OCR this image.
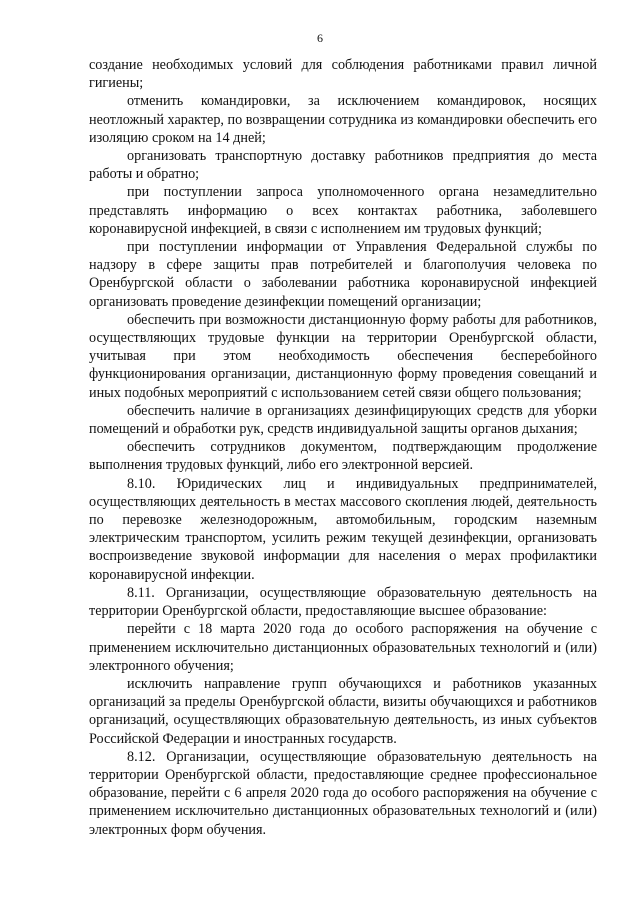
6

создание необходимых условий для соблюдения работниками правил личной гигиены;

отменить командировки, за исключением командировок, носящих неотложный характер, по возвращении сотрудника из командировки обеспечить его изоляцию сроком на 14 дней;

организовать транспортную доставку работников предприятия до места работы и обратно;

при поступлении запроса уполномоченного органа незамедлительно представлять информацию о всех контактах работника, заболевшего коронавирусной инфекцией, в связи с исполнением им трудовых функций;

при поступлении информации от Управления Федеральной службы по надзору в сфере защиты прав потребителей и благополучия человека по Оренбургской области о заболевании работника коронавирусной инфекцией организовать проведение дезинфекции помещений организации;

обеспечить при возможности дистанционную форму работы для работников, осуществляющих трудовые функции на территории Оренбургской области, учитывая при этом необходимость обеспечения бесперебойного функционирования организации, дистанционную форму проведения совещаний и иных подобных мероприятий с использованием сетей связи общего пользования;

обеспечить наличие в организациях дезинфицирующих средств для уборки помещений и обработки рук, средств индивидуальной защиты органов дыхания;

обеспечить сотрудников документом, подтверждающим продолжение выполнения трудовых функций, либо его электронной версией.

8.10. Юридических лиц и индивидуальных предпринимателей, осуществляющих деятельность в местах массового скопления людей, деятельность по перевозке железнодорожным, автомобильным, городским наземным электрическим транспортом, усилить режим текущей дезинфекции, организовать воспроизведение звуковой информации для населения о мерах профилактики коронавирусной инфекции.

8.11. Организации, осуществляющие образовательную деятельность на территории Оренбургской области, предоставляющие высшее образование:

перейти с 18 марта 2020 года до особого распоряжения на обучение с применением исключительно дистанционных образовательных технологий и (или) электронного обучения;

исключить направление групп обучающихся и работников указанных организаций за пределы Оренбургской области, визиты обучающихся и работников организаций, осуществляющих образовательную деятельность, из иных субъектов Российской Федерации и иностранных государств.

8.12. Организации, осуществляющие образовательную деятельность на территории Оренбургской области, предоставляющие среднее профессиональное образование, перейти с 6 апреля 2020 года до особого распоряжения на обучение с применением исключительно дистанционных образовательных технологий и (или) электронных форм обучения.
